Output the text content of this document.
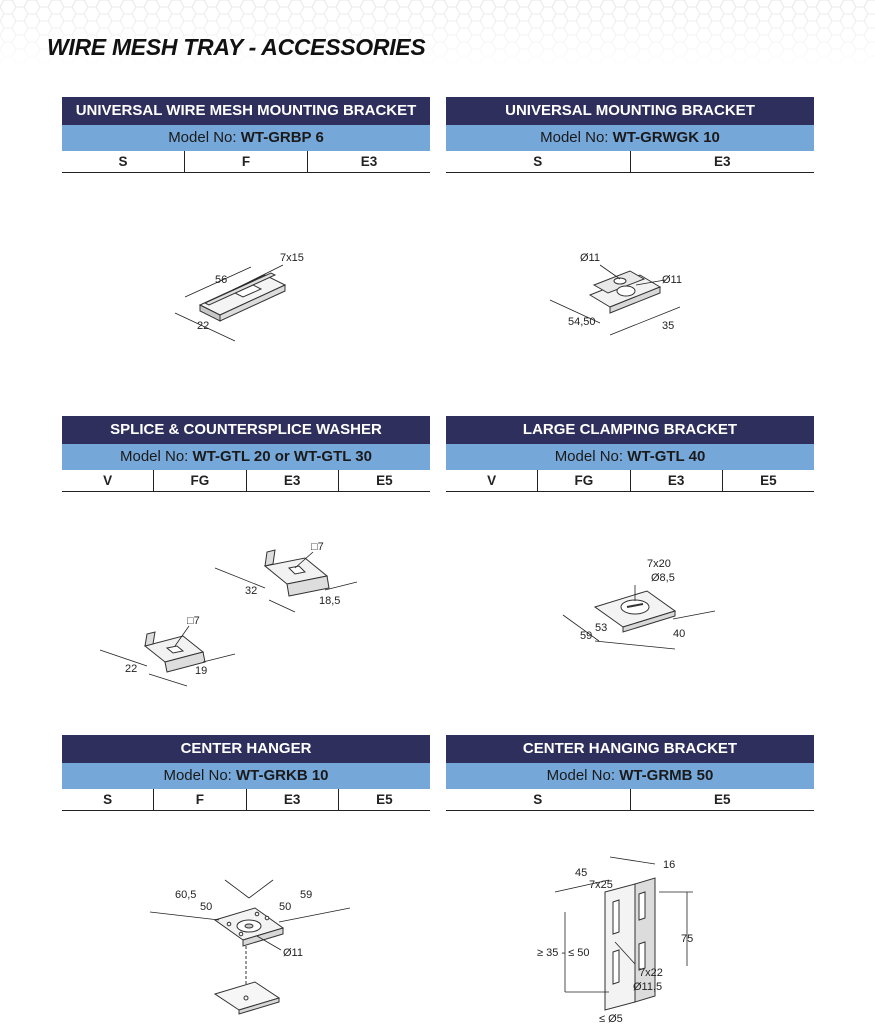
WIRE MESH TRAY - ACCESSORIES
UNIVERSAL WIRE MESH MOUNTING BRACKET
Model No: WT-GRBP 6
S	F	E3
UNIVERSAL MOUNTING BRACKET
Model No: WT-GRWGK 10
S	E3
7x15
56
22
Ø11
Ø11
54,50	35
SPLICE & COUNTERSPLICE WASHER
Model No: WT-GTL 20 or WT-GTL 30
V	FG	E3	E5
LARGE CLAMPING BRACKET
Model No: WT-GTL 40
V	FG	E3	E5
□7
32
18,5
□7
22	19
7x20
Ø8,5
53
59	40
CENTER HANGER
Model No: WT-GRKB 10
S	F	E3	E5
CENTER HANGING BRACKET
Model No: WT-GRMB 50
S	E5
60,5
50	50
59
Ø11
16
45
7x25
75
≥ 35 - ≤ 50
7x22
Ø11,5
≤ Ø5
